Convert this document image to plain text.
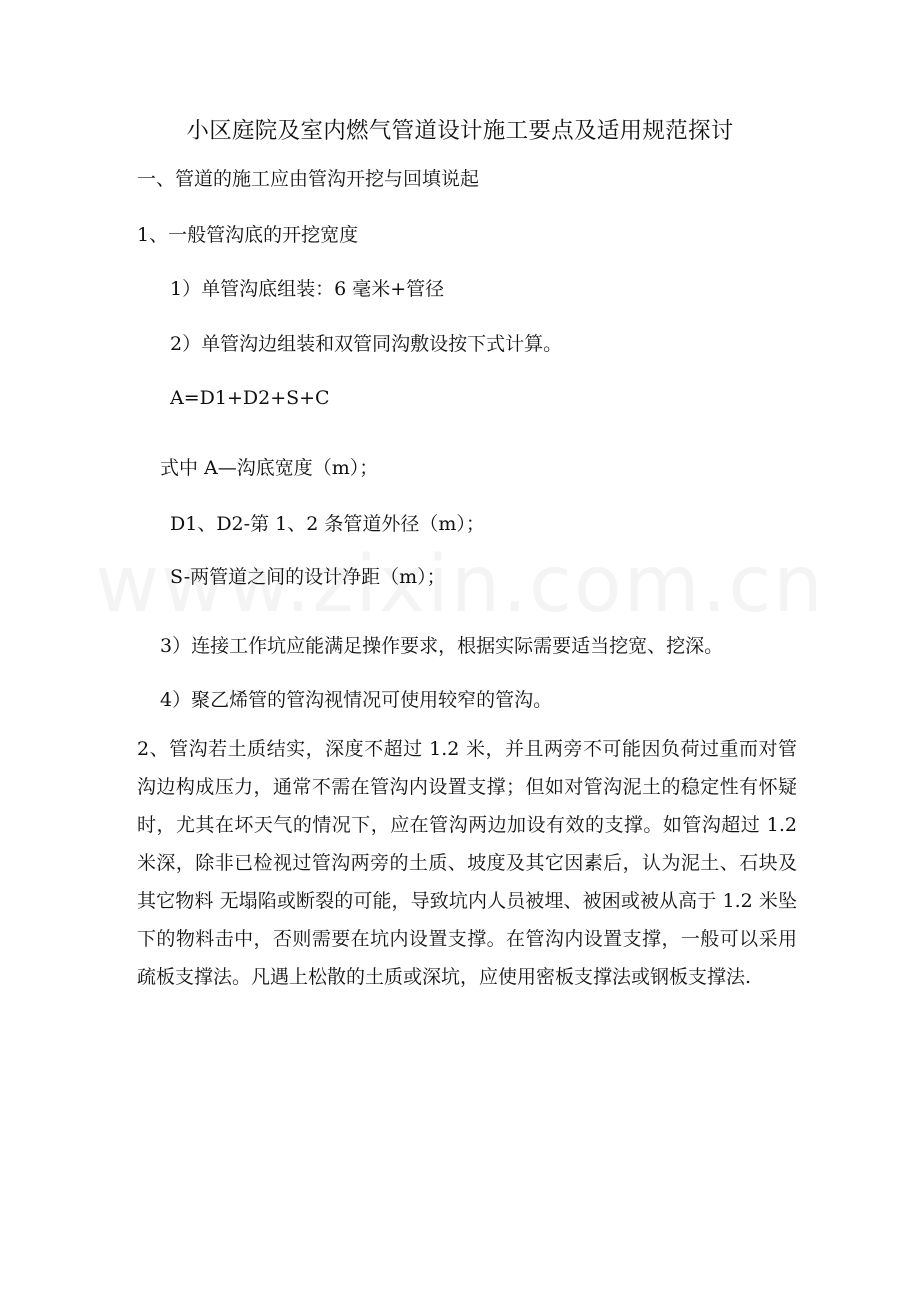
小区庭院及室内燃气管道设计施工要点及适用规范探讨
一、管道的施工应由管沟开挖与回填说起
1、一般管沟底的开挖宽度
1）单管沟底组装：6 毫米+管径
2）单管沟边组装和双管同沟敷设按下式计算。
A=D1+D2+S+C
式中 A—沟底宽度（m）；
D1、D2-第 1、2 条管道外径（m）；
S-两管道之间的设计净距（m）；
3）连接工作坑应能满足操作要求，根据实际需要适当挖宽、挖深。
4）聚乙烯管的管沟视情况可使用较窄的管沟。
2、管沟若土质结实，深度不超过 1.2 米，并且两旁不可能因负荷过重而对管沟边构成压力，通常不需在管沟内设置支撑；但如对管沟泥土的稳定性有怀疑时，尤其在坏天气的情况下，应在管沟两边加设有效的支撑。如管沟超过 1.2 米深，除非已检视过管沟两旁的土质、坡度及其它因素后，认为泥土、石块及其它物料 无塌陷或断裂的可能，导致坑内人员被埋、被困或被从高于 1.2 米坠下的物料击中，否则需要在坑内设置支撑。在管沟内设置支撑，一般可以采用疏板支撑法。凡遇上松散的土质或深坑，应使用密板支撑法或钢板支撑法.
